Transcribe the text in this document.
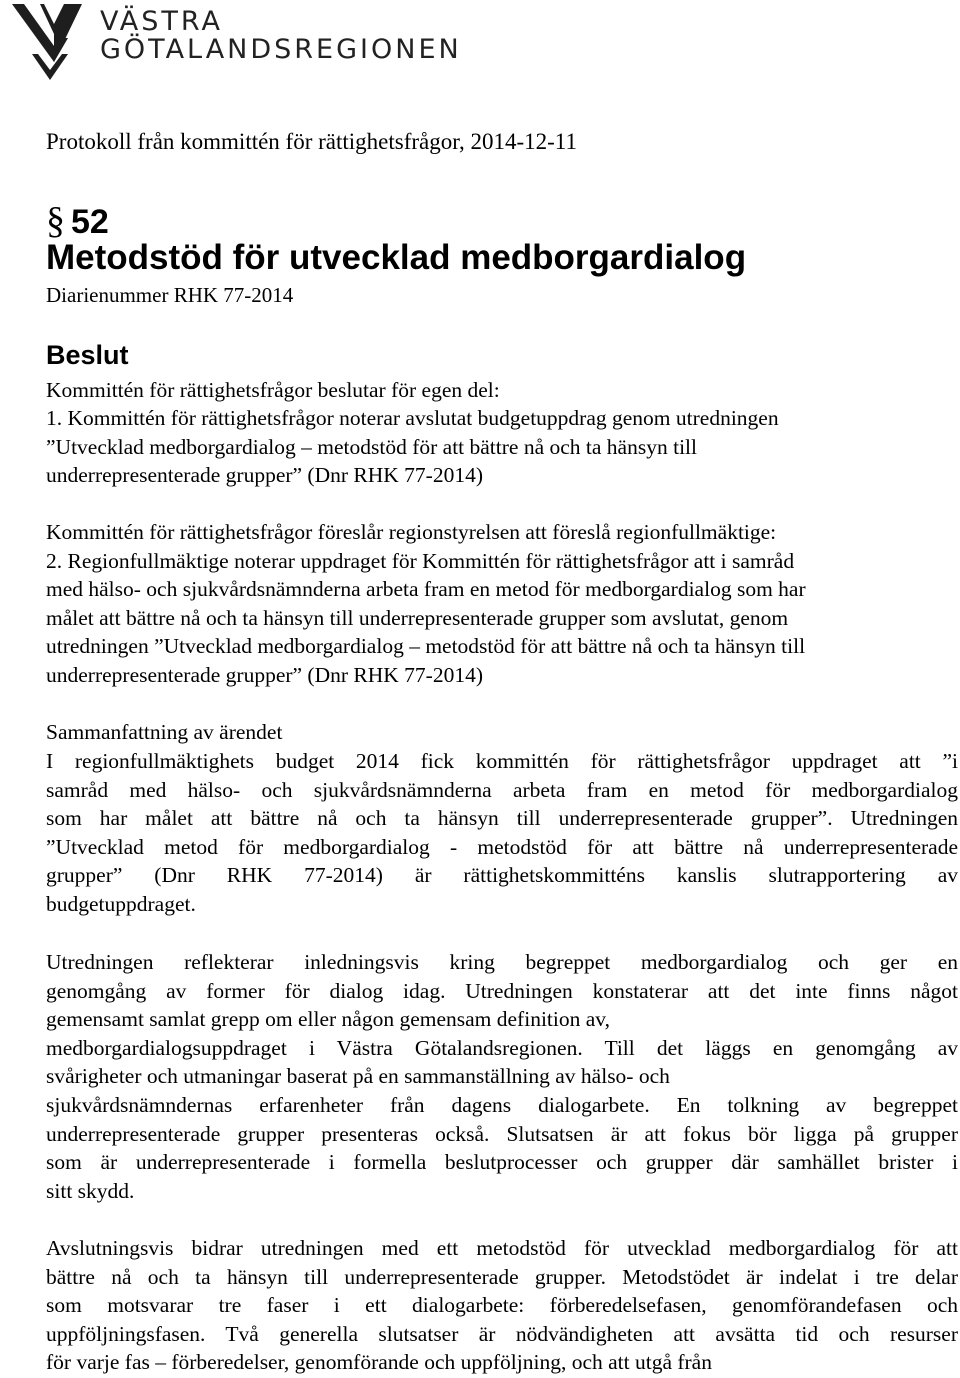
VÄSTRA
GÖTALANDSREGIONEN
Protokoll från kommittén för rättighetsfrågor, 2014-12-11
§ 52
Metodstöd för utvecklad medborgardialog
Diarienummer RHK 77-2014
Beslut

Kommittén för rättighetsfrågor beslutar för egen del:

1. Kommittén för rättighetsfrågor noterar avslutat budgetuppdrag genom utredningen

”Utvecklad medborgardialog – metodstöd för att bättre nå och ta hänsyn till

underrepresenterade grupper” (Dnr RHK 77-2014)

Kommittén för rättighetsfrågor föreslår regionstyrelsen att föreslå regionfullmäktige:

2. Regionfullmäktige noterar uppdraget för Kommittén för rättighetsfrågor att i samråd

med hälso- och sjukvårdsnämnderna arbeta fram en metod för medborgardialog som har

målet att bättre nå och ta hänsyn till underrepresenterade grupper som avslutat, genom

utredningen ”Utvecklad medborgardialog – metodstöd för att bättre nå och ta hänsyn till

underrepresenterade grupper” (Dnr RHK 77-2014)

Sammanfattning av ärendet

I regionfullmäktighets budget 2014 fick kommittén för rättighetsfrågor uppdraget att ”i
samråd med hälso- och sjukvårdsnämnderna arbeta fram en metod för medborgardialog
som har målet att bättre nå och ta hänsyn till underrepresenterade grupper”. Utredningen
”Utvecklad metod för medborgardialog - metodstöd för att bättre nå underrepresenterade
grupper” (Dnr RHK 77-2014) är rättighetskommitténs kanslis slutrapportering av
budgetuppdraget.
Utredningen reflekterar inledningsvis kring begreppet medborgardialog och ger en
genomgång av former för dialog idag. Utredningen konstaterar att det inte finns något
gemensamt samlat grepp om eller någon gemensam definition av,
medborgardialogsuppdraget i Västra Götalandsregionen. Till det läggs en genomgång av
svårigheter och utmaningar baserat på en sammanställning av hälso- och
sjukvårdsnämndernas erfarenheter från dagens dialogarbete. En tolkning av begreppet
underrepresenterade grupper presenteras också. Slutsatsen är att fokus bör ligga på grupper
som är underrepresenterade i formella beslutprocesser och grupper där samhället brister i
sitt skydd.
Avslutningsvis bidrar utredningen med ett metodstöd för utvecklad medborgardialog för att
bättre nå och ta hänsyn till underrepresenterade grupper. Metodstödet är indelat i tre delar
som motsvarar tre faser i ett dialogarbete: förberedelsefasen, genomförandefasen och
uppföljningsfasen. Två generella slutsatser är nödvändigheten att avsätta tid och resurser
för varje fas – förberedelser, genomförande och uppföljning, och att utgå från
